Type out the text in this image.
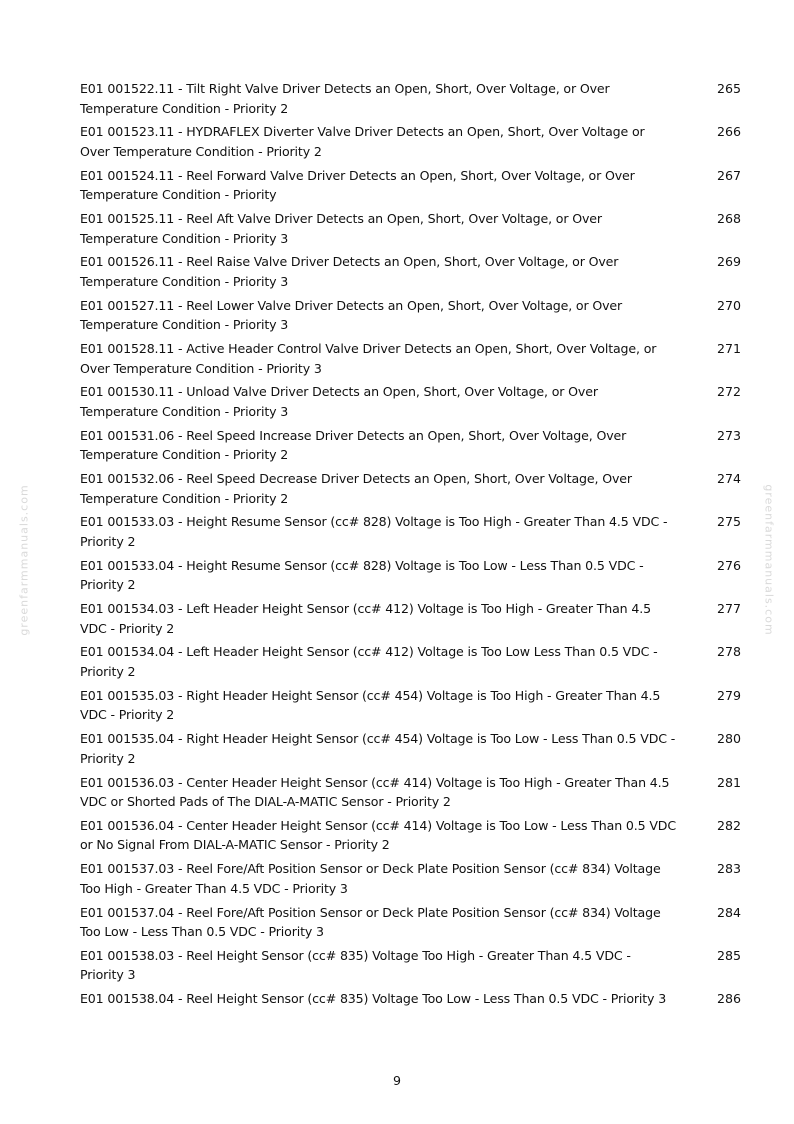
greenfarmmanuals.com	greenfarmmanuals.com
E01 001522.11 - Tilt Right Valve Driver Detects an Open, Short, Over Voltage, or Over Temperature Condition - Priority 2
265
E01 001523.11 - HYDRAFLEX Diverter Valve Driver Detects an Open, Short, Over Voltage or Over Temperature Condition - Priority 2
266
E01 001524.11 - Reel Forward Valve Driver Detects an Open, Short, Over Voltage, or Over Temperature Condition - Priority
267
E01 001525.11 - Reel Aft Valve Driver Detects an Open, Short, Over Voltage, or Over Temperature Condition - Priority 3
268
E01 001526.11 - Reel Raise Valve Driver Detects an Open, Short, Over Voltage, or Over Temperature Condition - Priority 3
269
E01 001527.11 - Reel Lower Valve Driver Detects an Open, Short, Over Voltage, or Over Temperature Condition - Priority 3
270
E01 001528.11 - Active Header Control Valve Driver Detects an Open, Short, Over Voltage, or Over Temperature Condition - Priority 3
271
E01 001530.11 - Unload Valve Driver Detects an Open, Short, Over Voltage, or Over Temperature Condition - Priority 3
272
E01 001531.06 - Reel Speed Increase Driver Detects an Open, Short, Over Voltage, Over Temperature Condition - Priority 2
273
E01 001532.06 - Reel Speed Decrease Driver Detects an Open, Short, Over Voltage, Over Temperature Condition - Priority 2
274
E01 001533.03 - Height Resume Sensor (cc# 828) Voltage is Too High - Greater Than 4.5 VDC - Priority 2
275
E01 001533.04 - Height Resume Sensor (cc# 828) Voltage is Too Low - Less Than 0.5 VDC - Priority 2
276
E01 001534.03 - Left Header Height Sensor (cc# 412) Voltage is Too High - Greater Than 4.5 VDC - Priority 2
277
E01 001534.04 - Left Header Height Sensor (cc# 412) Voltage is Too Low Less Than 0.5 VDC - Priority 2
278
E01 001535.03 - Right Header Height Sensor (cc# 454) Voltage is Too High - Greater Than 4.5 VDC - Priority 2
279
E01 001535.04 - Right Header Height Sensor (cc# 454) Voltage is Too Low - Less Than 0.5 VDC - Priority 2
280
E01 001536.03 - Center Header Height Sensor (cc# 414) Voltage is Too High - Greater Than 4.5 VDC or Shorted Pads of The DIAL-A-MATIC Sensor - Priority 2
281
E01 001536.04 - Center Header Height Sensor (cc# 414) Voltage is Too Low - Less Than 0.5 VDC or No Signal From DIAL-A-MATIC Sensor - Priority 2
282
E01 001537.03 - Reel Fore/Aft Position Sensor or Deck Plate Position Sensor (cc# 834) Voltage Too High - Greater Than 4.5 VDC - Priority 3
283
E01 001537.04 - Reel Fore/Aft Position Sensor or Deck Plate Position Sensor (cc# 834) Voltage Too Low - Less Than 0.5 VDC - Priority 3
284
E01 001538.03 - Reel Height Sensor (cc# 835) Voltage Too High - Greater Than 4.5 VDC - Priority 3
285
E01 001538.04 - Reel Height Sensor (cc# 835) Voltage Too Low - Less Than 0.5 VDC - Priority 3	286
9
